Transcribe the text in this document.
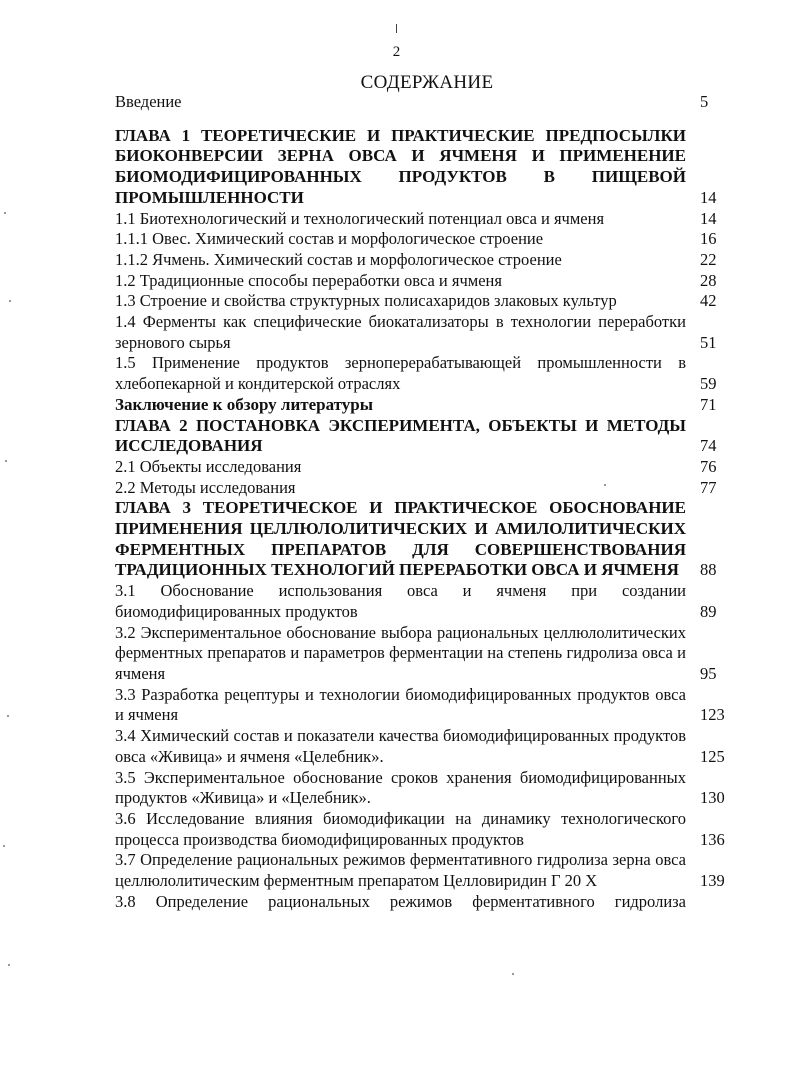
2
СОДЕРЖАНИЕ
Введение	5
ГЛАВА 1 ТЕОРЕТИЧЕСКИЕ И ПРАКТИЧЕСКИЕ ПРЕДПОСЫЛКИ БИОКОНВЕРСИИ ЗЕРНА ОВСА И ЯЧМЕНЯ И ПРИМЕНЕНИЕ БИОМОДИФИЦИРОВАННЫХ ПРОДУКТОВ В ПИЩЕВОЙ ПРОМЫШЛЕННОСТИ	14
1.1 Биотехнологический и технологический потенциал овса и ячменя	14
1.1.1 Овес. Химический состав и морфологическое строение	16
1.1.2 Ячмень. Химический состав и морфологическое строение	22
1.2 Традиционные способы переработки овса и ячменя	28
1.3 Строение и свойства структурных полисахаридов злаковых культур	42
1.4 Ферменты как специфические биокатализаторы в технологии переработки зернового сырья	51
1.5 Применение продуктов зерноперерабатывающей промышленности в хлебопекарной и кондитерской отраслях	59
Заключение к обзору литературы	71
ГЛАВА 2 ПОСТАНОВКА ЭКСПЕРИМЕНТА, ОБЪЕКТЫ И МЕТОДЫ ИССЛЕДОВАНИЯ	74
2.1 Объекты исследования	76
2.2 Методы исследования	77
ГЛАВА 3 ТЕОРЕТИЧЕСКОЕ И ПРАКТИЧЕСКОЕ ОБОСНОВАНИЕ ПРИМЕНЕНИЯ ЦЕЛЛЮЛОЛИТИЧЕСКИХ И АМИЛОЛИТИЧЕСКИХ ФЕРМЕНТНЫХ ПРЕПАРАТОВ ДЛЯ СОВЕРШЕНСТВОВАНИЯ ТРАДИЦИОННЫХ ТЕХНОЛОГИЙ ПЕРЕРАБОТКИ ОВСА И ЯЧМЕНЯ	88
3.1 Обоснование использования овса и ячменя при создании биомодифицированных продуктов	89
3.2 Экспериментальное обоснование выбора рациональных целлюлолитических ферментных препаратов и параметров ферментации на степень гидролиза овса и ячменя	95
3.3 Разработка рецептуры и технологии биомодифицированных продуктов овса и ячменя	123
3.4 Химический состав и показатели качества биомодифицированных продуктов овса «Живица» и ячменя «Целебник».	125
3.5 Экспериментальное обоснование сроков хранения биомодифицированных продуктов «Живица» и «Целебник».	130
3.6 Исследование влияния биомодификации на динамику технологического процесса производства биомодифицированных продуктов	136
3.7 Определение рациональных режимов ферментативного гидролиза зерна овса целлюлолитическим ферментным препаратом Целловиридин Г 20 Х	139
3.8 Определение рациональных режимов ферментативного гидролиза
